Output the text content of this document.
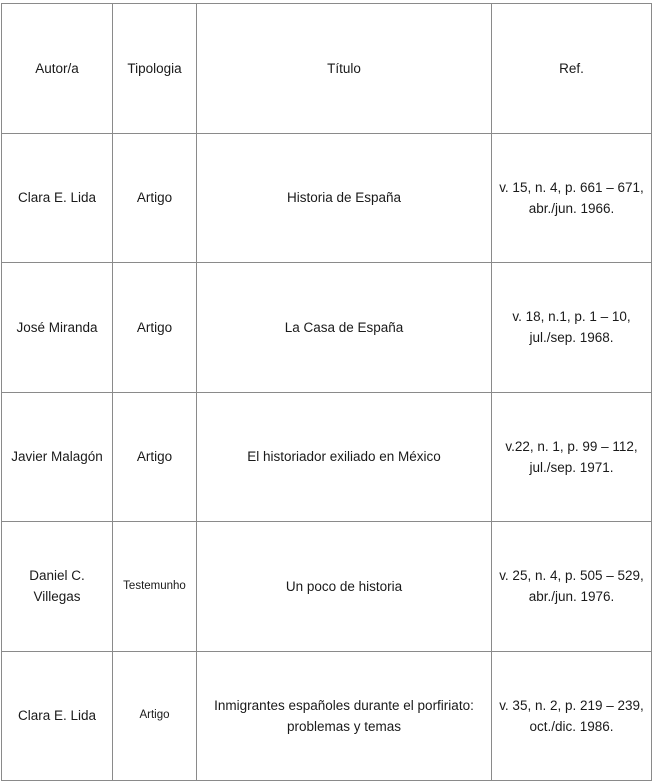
Autor/a	Tipologia	Título	Ref.
Clara E. Lida	Artigo	Historia de España	v. 15, n. 4, p. 661 – 671, abr./jun. 1966.
José Miranda	Artigo	La Casa de España	v. 18, n.1, p. 1 – 10, jul./sep. 1968.
Javier Malagón	Artigo	El historiador exiliado en México	v.22, n. 1, p. 99 – 112, jul./sep. 1971.
Daniel C. Villegas	Testemunho	Un poco de historia	v. 25, n. 4, p. 505 – 529, abr./jun. 1976.
Clara E. Lida	Artigo	Inmigrantes españoles durante el porfiriato: problemas y temas	v. 35, n. 2, p. 219 – 239, oct./dic. 1986.
